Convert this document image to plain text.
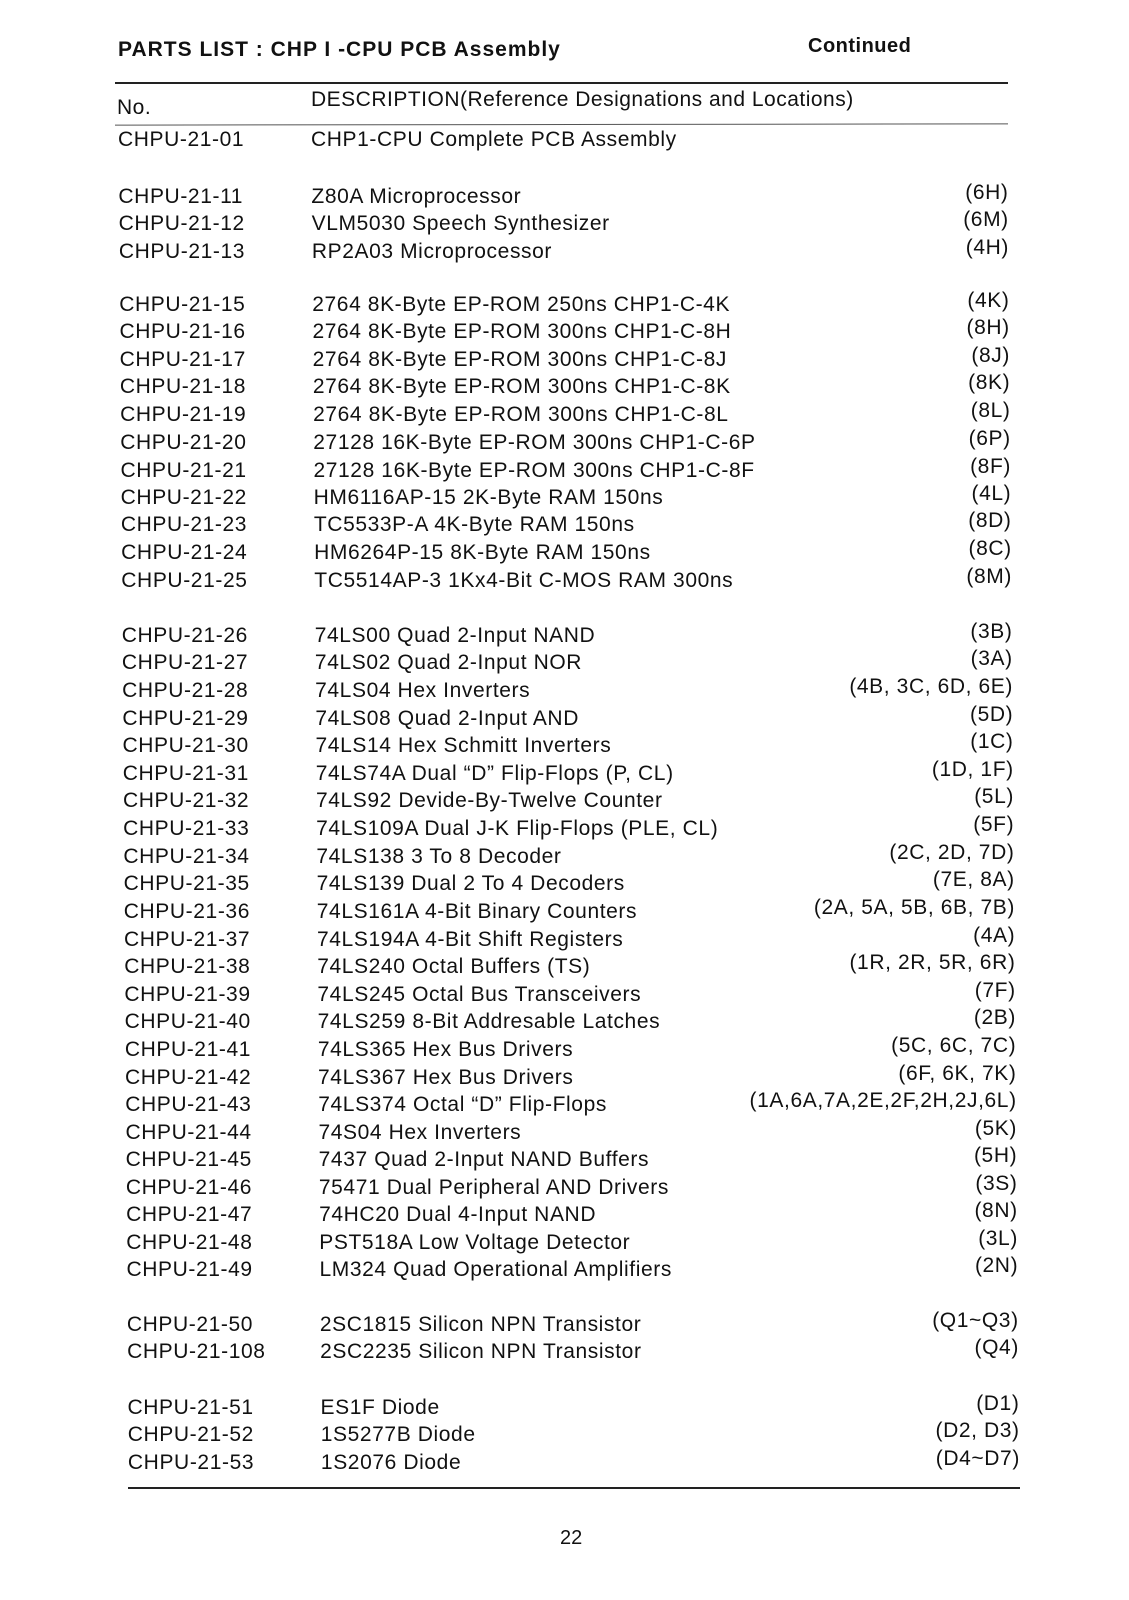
PARTS LIST : CHP I -CPU PCB Assembly	Continued
No.	DESCRIPTION(Reference Designations and Locations)
CHPU-21-01	CHP1-CPU Complete PCB Assembly
CHPU-21-11	Z80A Microprocessor	(6H)
CHPU-21-12	VLM5030 Speech Synthesizer	(6M)
CHPU-21-13	RP2A03 Microprocessor	(4H)
CHPU-21-15	2764 8K-Byte EP-ROM 250ns CHP1-C-4K	(4K)
CHPU-21-16	2764 8K-Byte EP-ROM 300ns CHP1-C-8H	(8H)
CHPU-21-17	2764 8K-Byte EP-ROM 300ns CHP1-C-8J	(8J)
CHPU-21-18	2764 8K-Byte EP-ROM 300ns CHP1-C-8K	(8K)
CHPU-21-19	2764 8K-Byte EP-ROM 300ns CHP1-C-8L	(8L)
CHPU-21-20	27128 16K-Byte EP-ROM 300ns CHP1-C-6P	(6P)
CHPU-21-21	27128 16K-Byte EP-ROM 300ns CHP1-C-8F	(8F)
CHPU-21-22	HM6116AP-15 2K-Byte RAM 150ns	(4L)
CHPU-21-23	TC5533P-A 4K-Byte RAM 150ns	(8D)
CHPU-21-24	HM6264P-15 8K-Byte RAM 150ns	(8C)
CHPU-21-25	TC5514AP-3 1Kx4-Bit C-MOS RAM 300ns	(8M)
CHPU-21-26	74LS00 Quad 2-Input NAND	(3B)
CHPU-21-27	74LS02 Quad 2-Input NOR	(3A)
CHPU-21-28	74LS04 Hex Inverters	(4B, 3C, 6D, 6E)
CHPU-21-29	74LS08 Quad 2-Input AND	(5D)
CHPU-21-30	74LS14 Hex Schmitt Inverters	(1C)
CHPU-21-31	74LS74A Dual “D” Flip-Flops (P, CL)	(1D, 1F)
CHPU-21-32	74LS92 Devide-By-Twelve Counter	(5L)
CHPU-21-33	74LS109A Dual J-K Flip-Flops (PLE, CL)	(5F)
CHPU-21-34	74LS138 3 To 8 Decoder	(2C, 2D, 7D)
CHPU-21-35	74LS139 Dual 2 To 4 Decoders	(7E, 8A)
CHPU-21-36	74LS161A 4-Bit Binary Counters	(2A, 5A, 5B, 6B, 7B)
CHPU-21-37	74LS194A 4-Bit Shift Registers	(4A)
CHPU-21-38	74LS240 Octal Buffers (TS)	(1R, 2R, 5R, 6R)
CHPU-21-39	74LS245 Octal Bus Transceivers	(7F)
CHPU-21-40	74LS259 8-Bit Addresable Latches	(2B)
CHPU-21-41	74LS365 Hex Bus Drivers	(5C, 6C, 7C)
CHPU-21-42	74LS367 Hex Bus Drivers	(6F, 6K, 7K)
CHPU-21-43	74LS374 Octal “D” Flip-Flops	(1A,6A,7A,2E,2F,2H,2J,6L)
CHPU-21-44	74S04 Hex Inverters	(5K)
CHPU-21-45	7437 Quad 2-Input NAND Buffers	(5H)
CHPU-21-46	75471 Dual Peripheral AND Drivers	(3S)
CHPU-21-47	74HC20 Dual 4-Input NAND	(8N)
CHPU-21-48	PST518A Low Voltage Detector	(3L)
CHPU-21-49	LM324 Quad Operational Amplifiers	(2N)
CHPU-21-50	2SC1815 Silicon NPN Transistor	(Q1~Q3)
CHPU-21-108	2SC2235 Silicon NPN Transistor	(Q4)
CHPU-21-51	ES1F Diode	(D1)
CHPU-21-52	1S5277B Diode	(D2, D3)
CHPU-21-53	1S2076 Diode	(D4~D7)
22
